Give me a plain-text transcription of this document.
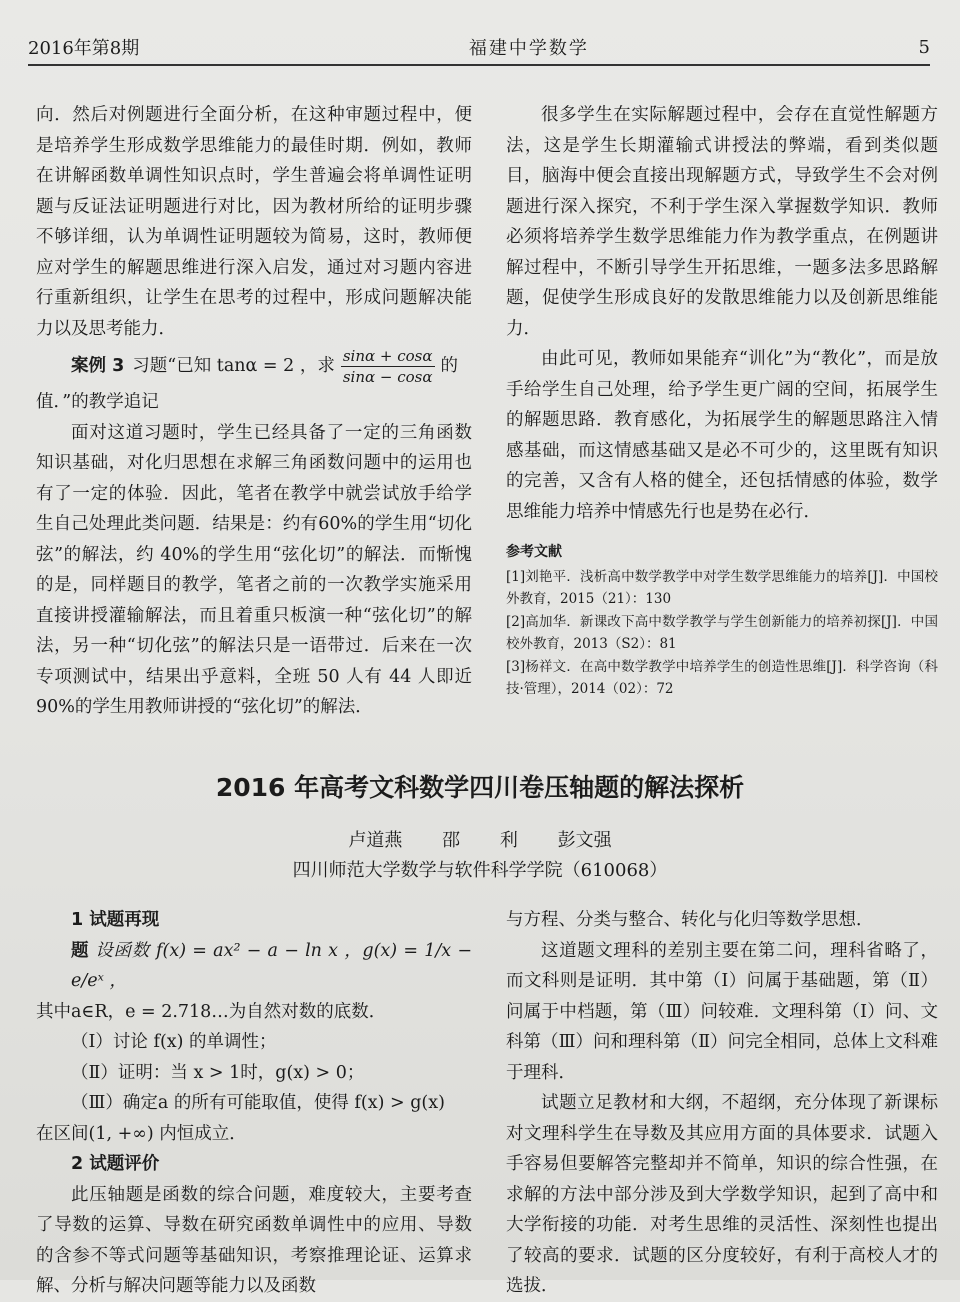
2016年第8期	福建中学数学	5

向．然后对例题进行全面分析，在这种审题过程中，便是培养学生形成数学思维能力的最佳时期．例如，教师在讲解函数单调性知识点时，学生普遍会将单调性证明题与反证法证明题进行对比，因为教材所给的证明步骤不够详细，认为单调性证明题较为简易，这时，教师便应对学生的解题思维进行深入启发，通过对习题内容进行重新组织，让学生在思考的过程中，形成问题解决能力以及思考能力．

案例 3 习题“已知 tanα = 2 ，求 $\frac{\sin\alpha + \cos\alpha}{\sin\alpha - \cos\alpha}$ 的

值．”的教学追记

面对这道习题时，学生已经具备了一定的三角函数知识基础，对化归思想在求解三角函数问题中的运用也有了一定的体验．因此，笔者在教学中就尝试放手给学生自己处理此类问题．结果是：约有60%的学生用“切化弦”的解法，约 40%的学生用“弦化切”的解法．而惭愧的是，同样题目的教学，笔者之前的一次教学实施采用直接讲授灌输解法，而且着重只板演一种“弦化切”的解法，另一种“切化弦”的解法只是一语带过．后来在一次专项测试中，结果出乎意料，全班 50 人有 44 人即近 90%的学生用教师讲授的“弦化切”的解法．

很多学生在实际解题过程中，会存在直觉性解题方法，这是学生长期灌输式讲授法的弊端，看到类似题目，脑海中便会直接出现解题方式，导致学生不会对例题进行深入探究，不利于学生深入掌握数学知识．教师必须将培养学生数学思维能力作为教学重点，在例题讲解过程中，不断引导学生开拓思维，一题多法多思路解题，促使学生形成良好的发散思维能力以及创新思维能力．

由此可见，教师如果能弃“训化”为“教化”，而是放手给学生自己处理，给予学生更广阔的空间，拓展学生的解题思路．教育感化，为拓展学生的解题思路注入情感基础，而这情感基础又是必不可少的，这里既有知识的完善，又含有人格的健全，还包括情感的体验，数学思维能力培养中情感先行也是势在必行．

参考文献
[1]刘艳平．浅析高中数学教学中对学生数学思维能力的培养[J]．中国校外教育，2015（21）：130
[2]高加华．新课改下高中数学教学与学生创新能力的培养初探[J]．中国校外教育，2013（S2）：81
[3]杨祥文．在高中数学教学中培养学生的创造性思维[J]．科学咨询（科技·管理），2014（02）：72
2016 年高考文科数学四川卷压轴题的解法探析
卢道燕 邵 利 彭文强
四川师范大学数学与软件科学学院（610068）

1 试题再现

题 设函数 f(x) = ax² − a − ln x ，g(x) = 1/x − e/eˣ ，

其中a∈R，e = 2.718…为自然对数的底数．

（Ⅰ）讨论 f(x) 的单调性；

（Ⅱ）证明：当 x > 1时，g(x) > 0；

（Ⅲ）确定a 的所有可能取值，使得 f(x) > g(x)

在区间(1, +∞) 内恒成立．

2 试题评价

此压轴题是函数的综合问题，难度较大，主要考查了导数的运算、导数在研究函数单调性中的应用、导数的含参不等式问题等基础知识，考察推理论证、运算求解、分析与解决问题等能力以及函数

与方程、分类与整合、转化与化归等数学思想．

这道题文理科的差别主要在第二问，理科省略了，而文科则是证明．其中第（Ⅰ）问属于基础题，第（Ⅱ）问属于中档题，第（Ⅲ）问较难．文理科第（Ⅰ）问、文科第（Ⅲ）问和理科第（Ⅱ）问完全相同，总体上文科难于理科．

试题立足教材和大纲，不超纲，充分体现了新课标对文理科学生在导数及其应用方面的具体要求．试题入手容易但要解答完整却并不简单，知识的综合性强，在求解的方法中部分涉及到大学数学知识，起到了高中和大学衔接的功能．对考生思维的灵活性、深刻性也提出了较高的要求．试题的区分度较好，有利于高校人才的选拔．
